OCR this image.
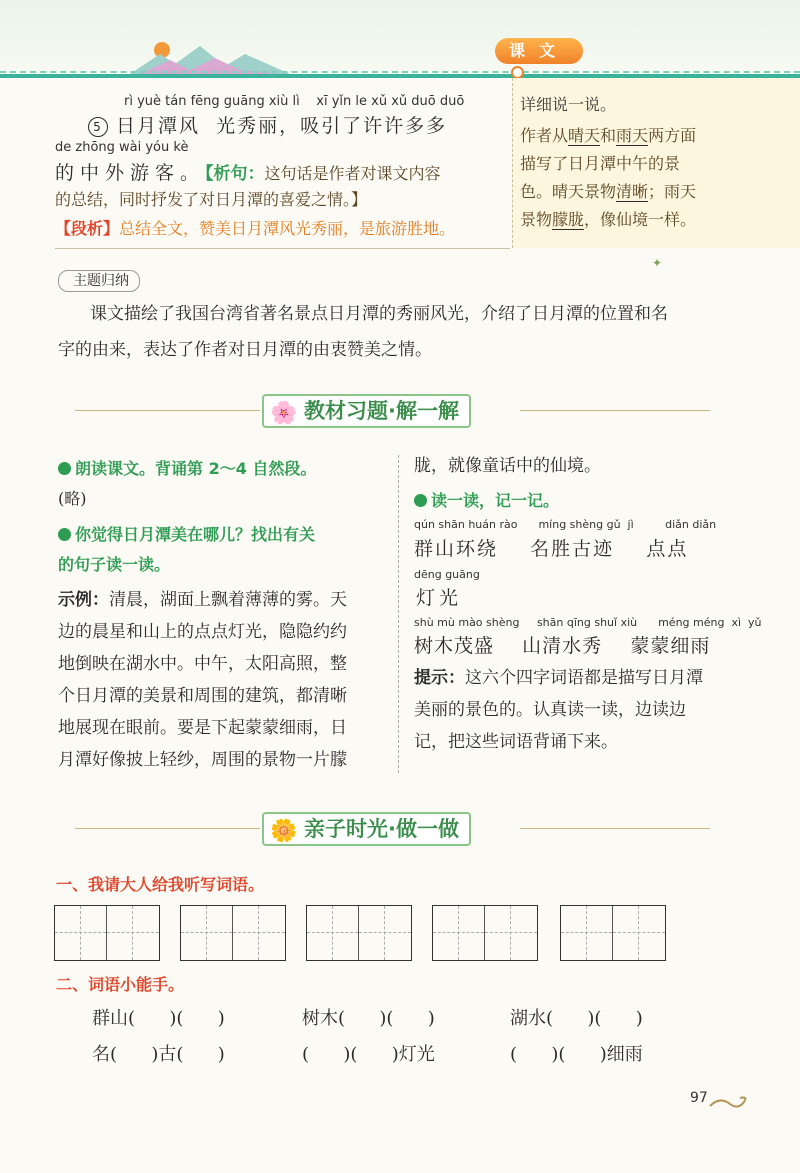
课文
rì yuè tán fēng guāng xiù lì    xī yǐn le xǔ xǔ duō duō
5 日月潭风  光秀丽，吸引了许许多多
de zhōng wài yóu kè
的中外游客。【析句：这句话是作者对课文内容
的总结，同时抒发了对日月潭的喜爱之情。】
【段析】总结全文，赞美日月潭风光秀丽，是旅游胜地。
详细说一说。
作者从晴天和雨天两方面
描写了日月潭中午的景
色。晴天景物清晰；雨天
景物朦胧，像仙境一样。
✦
主题归纳
课文描绘了我国台湾省著名景点日月潭的秀丽风光，介绍了日月潭的位置和名
字的由来，表达了作者对日月潭的由衷赞美之情。
🌸 教材习题·解一解
朗读课文。背诵第 2～4 自然段。
(略)
你觉得日月潭美在哪儿？找出有关
的句子读一读。
示例：清晨，湖面上飘着薄薄的雾。天
边的晨星和山上的点点灯光，隐隐约约
地倒映在湖水中。中午，太阳高照，整
个日月潭的美景和周围的建筑，都清晰
地展现在眼前。要是下起蒙蒙细雨，日
月潭好像披上轻纱，周围的景物一片朦
胧，就像童话中的仙境。
读一读，记一记。
qún shān huán rào      míng shèng gǔ  jì         diǎn diǎn
群山环绕    名胜古迹    点点
dēng guāng
灯光
shù mù mào shèng     shān qīng shuǐ xiù      méng méng  xì  yǔ
树木茂盛    山清水秀    蒙蒙细雨
提示：这六个四字词语都是描写日月潭
美丽的景色的。认真读一读，边读边
记，把这些词语背诵下来。
🌼 亲子时光·做一做
一、我请大人给我听写词语。
二、词语小能手。
群山(      )(      )	树木(      )(      )	湖水(      )(      )
名(      )古(      )	(      )(      )灯光	(      )(      )细雨
97
